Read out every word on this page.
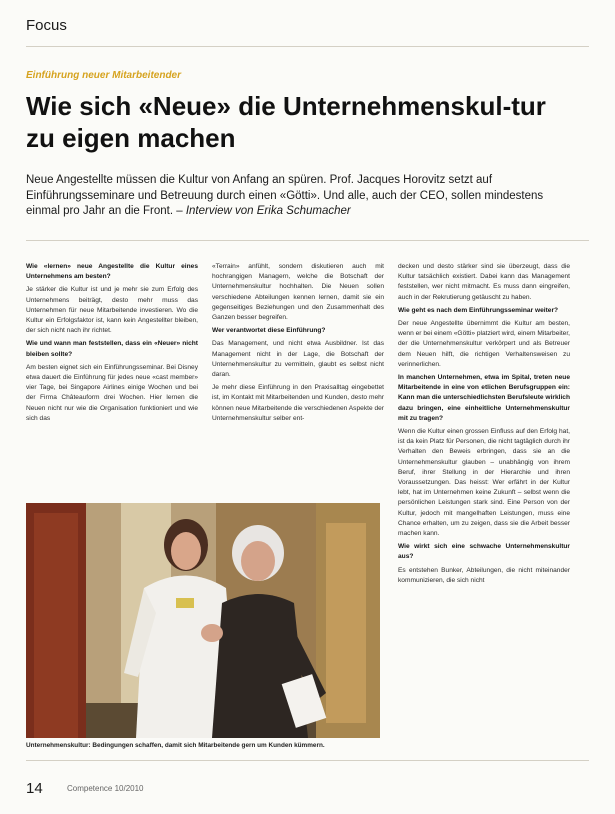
Focus
Einführung neuer Mitarbeitender
Wie sich «Neue» die Unternehmenskul-tur zu eigen machen

Neue Angestellte müssen die Kultur von Anfang an spüren. Prof. Jacques Horovitz setzt auf Einführungsseminare und Betreuung durch einen «Götti». Und alle, auch der CEO, sollen mindestens einmal pro Jahr an die Front. – Interview von Erika Schumacher

Wie «lernen» neue Angestellte die Kultur eines Unternehmens am besten?

Je stärker die Kultur ist und je mehr sie zum Erfolg des Unternehmens beiträgt, desto mehr muss das Unternehmen für neue Mitarbeitende investieren. Wo die Kultur ein Erfolgsfaktor ist, kann kein Angestellter bleiben, der sich nicht nach ihr richtet.

Wie und wann man feststellen, dass ein «Neuer» nicht bleiben sollte?

Am besten eignet sich ein Einführungsseminar. Bei Disney etwa dauert die Einführung für jedes neue «cast member» vier Tage, bei Singapore Airlines einige Wochen und bei der Firma Châteauform drei Wochen. Hier lernen die Neuen nicht nur wie die Organisation funktioniert und wie sich das

«Terrain» anfühlt, sondern diskutieren auch mit hochrangigen Managern, welche die Botschaft der Unternehmenskultur hochhalten. Die Neuen sollen verschiedene Abteilungen kennen lernen, damit sie ein gegenseitiges Beziehungen und den Zusammenhalt des Ganzen besser begreifen.

Wer verantwortet diese Einführung?

Das Management, und nicht etwa Ausbildner. Ist das Management nicht in der Lage, die Botschaft der Unternehmenskultur zu vermitteln, glaubt es selbst nicht daran.

Je mehr diese Einführung in den Praxisalltag eingebettet ist, im Kontakt mit Mitarbeitenden und Kunden, desto mehr können neue Mitarbeitende die verschiedenen Aspekte der Unternehmenskultur selber ent-

decken und desto stärker sind sie überzeugt, dass die Kultur tatsächlich existiert. Dabei kann das Management feststellen, wer nicht mitmacht. Es muss dann eingreifen, auch in der Rekrutierung getäuscht zu haben.

Wie geht es nach dem Einführungsseminar weiter?

Der neue Angestellte übernimmt die Kultur am besten, wenn er bei einem «Götti» platziert wird, einem Mitarbeiter, der die Unternehmenskultur verkörpert und als Betreuer dem Neuen hilft, die richtigen Verhaltensweisen zu verinnerlichen.

In manchen Unternehmen, etwa im Spital, treten neue Mitarbeitende in eine von etlichen Berufsgruppen ein: Kann man die unterschiedlichsten Berufsleute wirklich dazu bringen, eine einheitliche Unternehmenskultur mit zu tragen?

Wenn die Kultur einen grossen Einfluss auf den Erfolg hat, ist da kein Platz für Personen, die nicht tagtäglich durch ihr Verhalten den Beweis erbringen, dass sie an die Unternehmenskultur glauben – unabhängig von ihrem Beruf, ihrer Stellung in der Hierarchie und ihren Voraussetzungen. Das heisst: Wer erfährt in der Kultur lebt, hat im Unternehmen keine Zukunft – selbst wenn die persönlichen Leistungen stark sind. Eine Person von der Kultur, jedoch mit mangelhaften Leistungen, muss eine Chance erhalten, um zu zeigen, dass sie die Arbeit besser machen kann.

Wie wirkt sich eine schwache Unternehmenskultur aus?

Es entstehen Bunker, Abteilungen, die nicht miteinander kommunizieren, die sich nicht

Unternehmenskultur: Bedingungen schaffen, damit sich Mitarbeitende gern um Kunden kümmern.
14	Competence 10/2010
